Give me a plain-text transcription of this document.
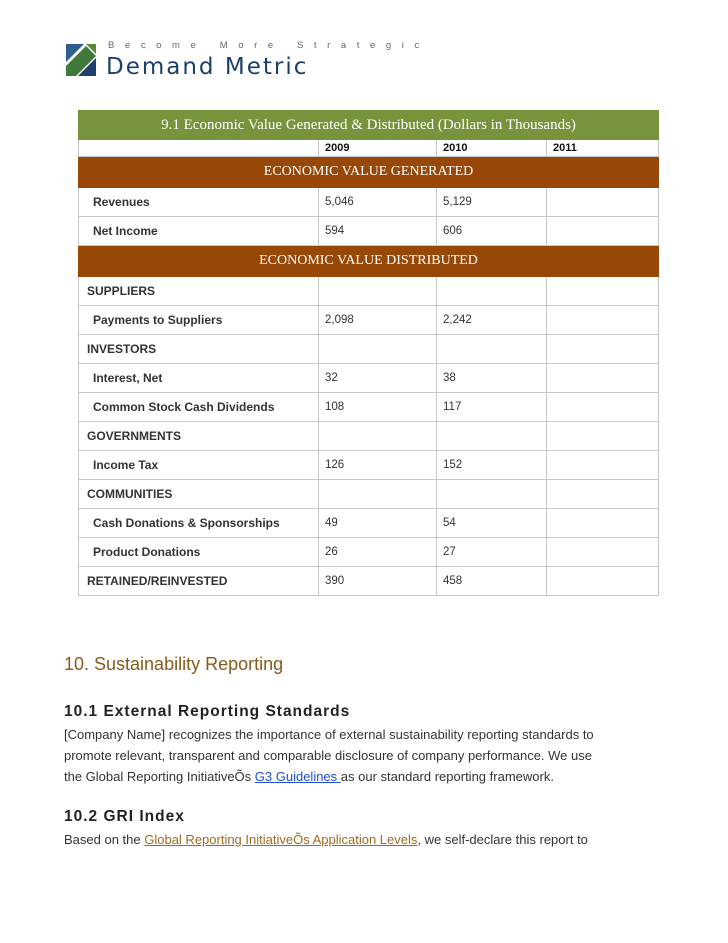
Become More Strategic
Demand Metric
9.1 Economic Value Generated & Distributed (Dollars in Thousands)			
	2009	2010	2011
ECONOMIC VALUE GENERATED			
Revenues	5,046	5,129	
Net Income	594	606	
ECONOMIC VALUE DISTRIBUTED			
SUPPLIERS			
Payments to Suppliers	2,098	2,242	
INVESTORS			
Interest, Net	32	38	
Common Stock Cash Dividends	108	117	
GOVERNMENTS			
Income Tax	126	152	
COMMUNITIES			
Cash Donations & Sponsorships	49	54	
Product Donations	26	27	
RETAINED/REINVESTED	390	458	
10. Sustainability Reporting
10.1 External Reporting Standards
[Company Name] recognizes the importance of external sustainability reporting standards to
promote relevant, transparent and comparable disclosure of company performance. We use
the Global Reporting InitiativeÕs G3 Guidelines as our standard reporting framework.
10.2 GRI Index
Based on the Global Reporting InitiativeÕs Application Levels, we self-declare this report to
